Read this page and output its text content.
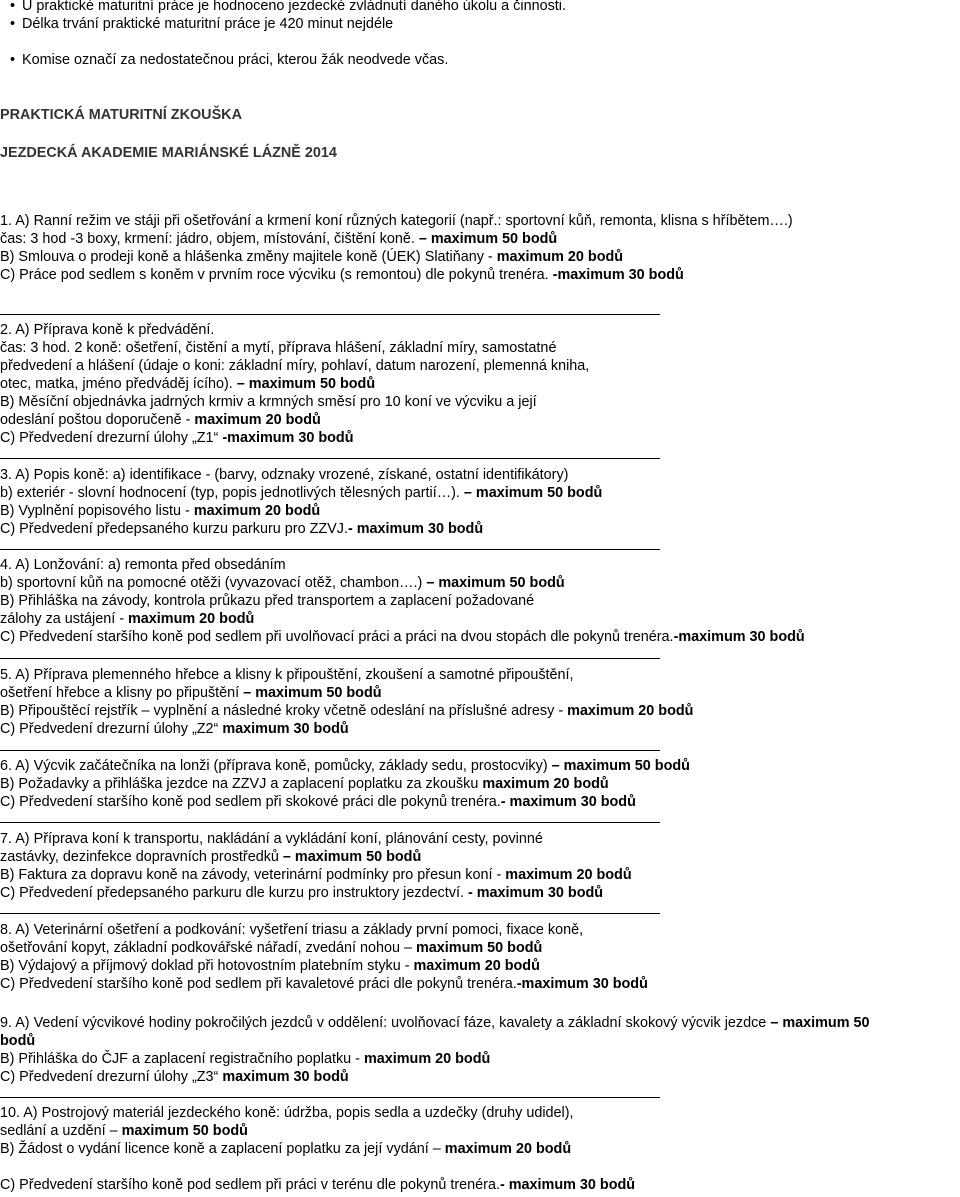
• U praktické maturitní práce je hodnoceno jezdecké zvládnutí daného úkolu a činnosti.

• Délka trvání praktické maturitní práce je 420 minut nejdéle

• Komise označí za nedostatečnou práci, kterou žák neodvede včas.

PRAKTICKÁ MATURITNÍ ZKOUŠKA
JEZDECKÁ AKADEMIE MARIÁNSKÉ LÁZNĚ 2014

1. A) Ranní režim ve stáji při ošetřování a krmení koní různých kategorií (např.: sportovní kůň, remonta, klisna s hříbětem….)

čas: 3 hod -3 boxy, krmení: jádro, objem, místování, čištění koně. – maximum 50 bodů

B) Smlouva o prodeji koně a hlášenka změny majitele koně (ÚEK) Slatiňany - maximum 20 bodů

C) Práce pod sedlem s koněm v prvním roce výcviku (s remontou) dle pokynů trenéra. -maximum 30 bodů

2. A) Příprava koně k předvádění.

čas: 3 hod. 2 koně: ošetření, čistění a mytí, příprava hlášení, základní míry, samostatné

předvedení a hlášení (údaje o koni: základní míry, pohlaví, datum narození, plemenná kniha,

otec, matka, jméno předváděj ícího). – maximum 50 bodů

B) Měsíční objednávka jadrných krmiv a krmných směsí pro 10 koní ve výcviku a její

odeslání poštou doporučeně - maximum 20 bodů

C) Předvedení drezurní úlohy „Z1“ -maximum 30 bodů

3. A) Popis koně: a) identifikace - (barvy, odznaky vrozené, získané, ostatní identifikátory)

b) exteriér - slovní hodnocení (typ, popis jednotlivých tělesných partií…). – maximum 50 bodů

B) Vyplnění popisového listu - maximum 20 bodů

C) Předvedení předepsaného kurzu parkuru pro ZZVJ.- maximum 30 bodů

4. A) Lonžování: a) remonta před obsedáním

b) sportovní kůň na pomocné otěži (vyvazovací otěž, chambon….) – maximum 50 bodů

B) Přihláška na závody, kontrola průkazu před transportem a zaplacení požadované

zálohy za ustájení - maximum 20 bodů

C) Předvedení staršího koně pod sedlem při uvolňovací práci a práci na dvou stopách dle pokynů trenéra.-maximum 30 bodů

5. A) Příprava plemenného hřebce a klisny k připouštění, zkoušení a samotné připouštění,

ošetření hřebce a klisny po připuštění – maximum 50 bodů

B) Připouštěcí rejstřík – vyplnění a následné kroky včetně odeslání na příslušné adresy - maximum 20 bodů

C) Předvedení drezurní úlohy „Z2“ maximum 30 bodů

6. A) Výcvik začátečníka na lonži (příprava koně, pomůcky, základy sedu, prostocviky) – maximum 50 bodů

B) Požadavky a přihláška jezdce na ZZVJ a zaplacení poplatku za zkoušku maximum 20 bodů

C) Předvedení staršího koně pod sedlem při skokové práci dle pokynů trenéra.- maximum 30 bodů

7. A) Příprava koní k transportu, nakládání a vykládání koní, plánování cesty, povinné

zastávky, dezinfekce dopravních prostředků – maximum 50 bodů

B) Faktura za dopravu koně na závody, veterinární podmínky pro přesun koní - maximum 20 bodů

C) Předvedení předepsaného parkuru dle kurzu pro instruktory jezdectví. - maximum 30 bodů

8. A) Veterinární ošetření a podkování: vyšetření triasu a základy první pomoci, fixace koně,

ošetřování kopyt, základní podkovářské nářadí, zvedání nohou – maximum 50 bodů

B) Výdajový a příjmový doklad při hotovostním platebním styku - maximum 20 bodů

C) Předvedení staršího koně pod sedlem při kavaletové práci dle pokynů trenéra.-maximum 30 bodů

9. A) Vedení výcvikové hodiny pokročilých jezdců v oddělení: uvolňovací fáze, kavalety a základní skokový výcvik jezdce – maximum 50

bodů

B) Přihláška do ČJF a zaplacení registračního poplatku - maximum 20 bodů

C) Předvedení drezurní úlohy „Z3“ maximum 30 bodů

10. A) Postrojový materiál jezdeckého koně: údržba, popis sedla a uzdečky (druhy udidel),

sedlání a uzdění – maximum 50 bodů

B) Žádost o vydání licence koně a zaplacení poplatku za její vydání – maximum 20 bodů

C) Předvedení staršího koně pod sedlem při práci v terénu dle pokynů trenéra.- maximum 30 bodů
